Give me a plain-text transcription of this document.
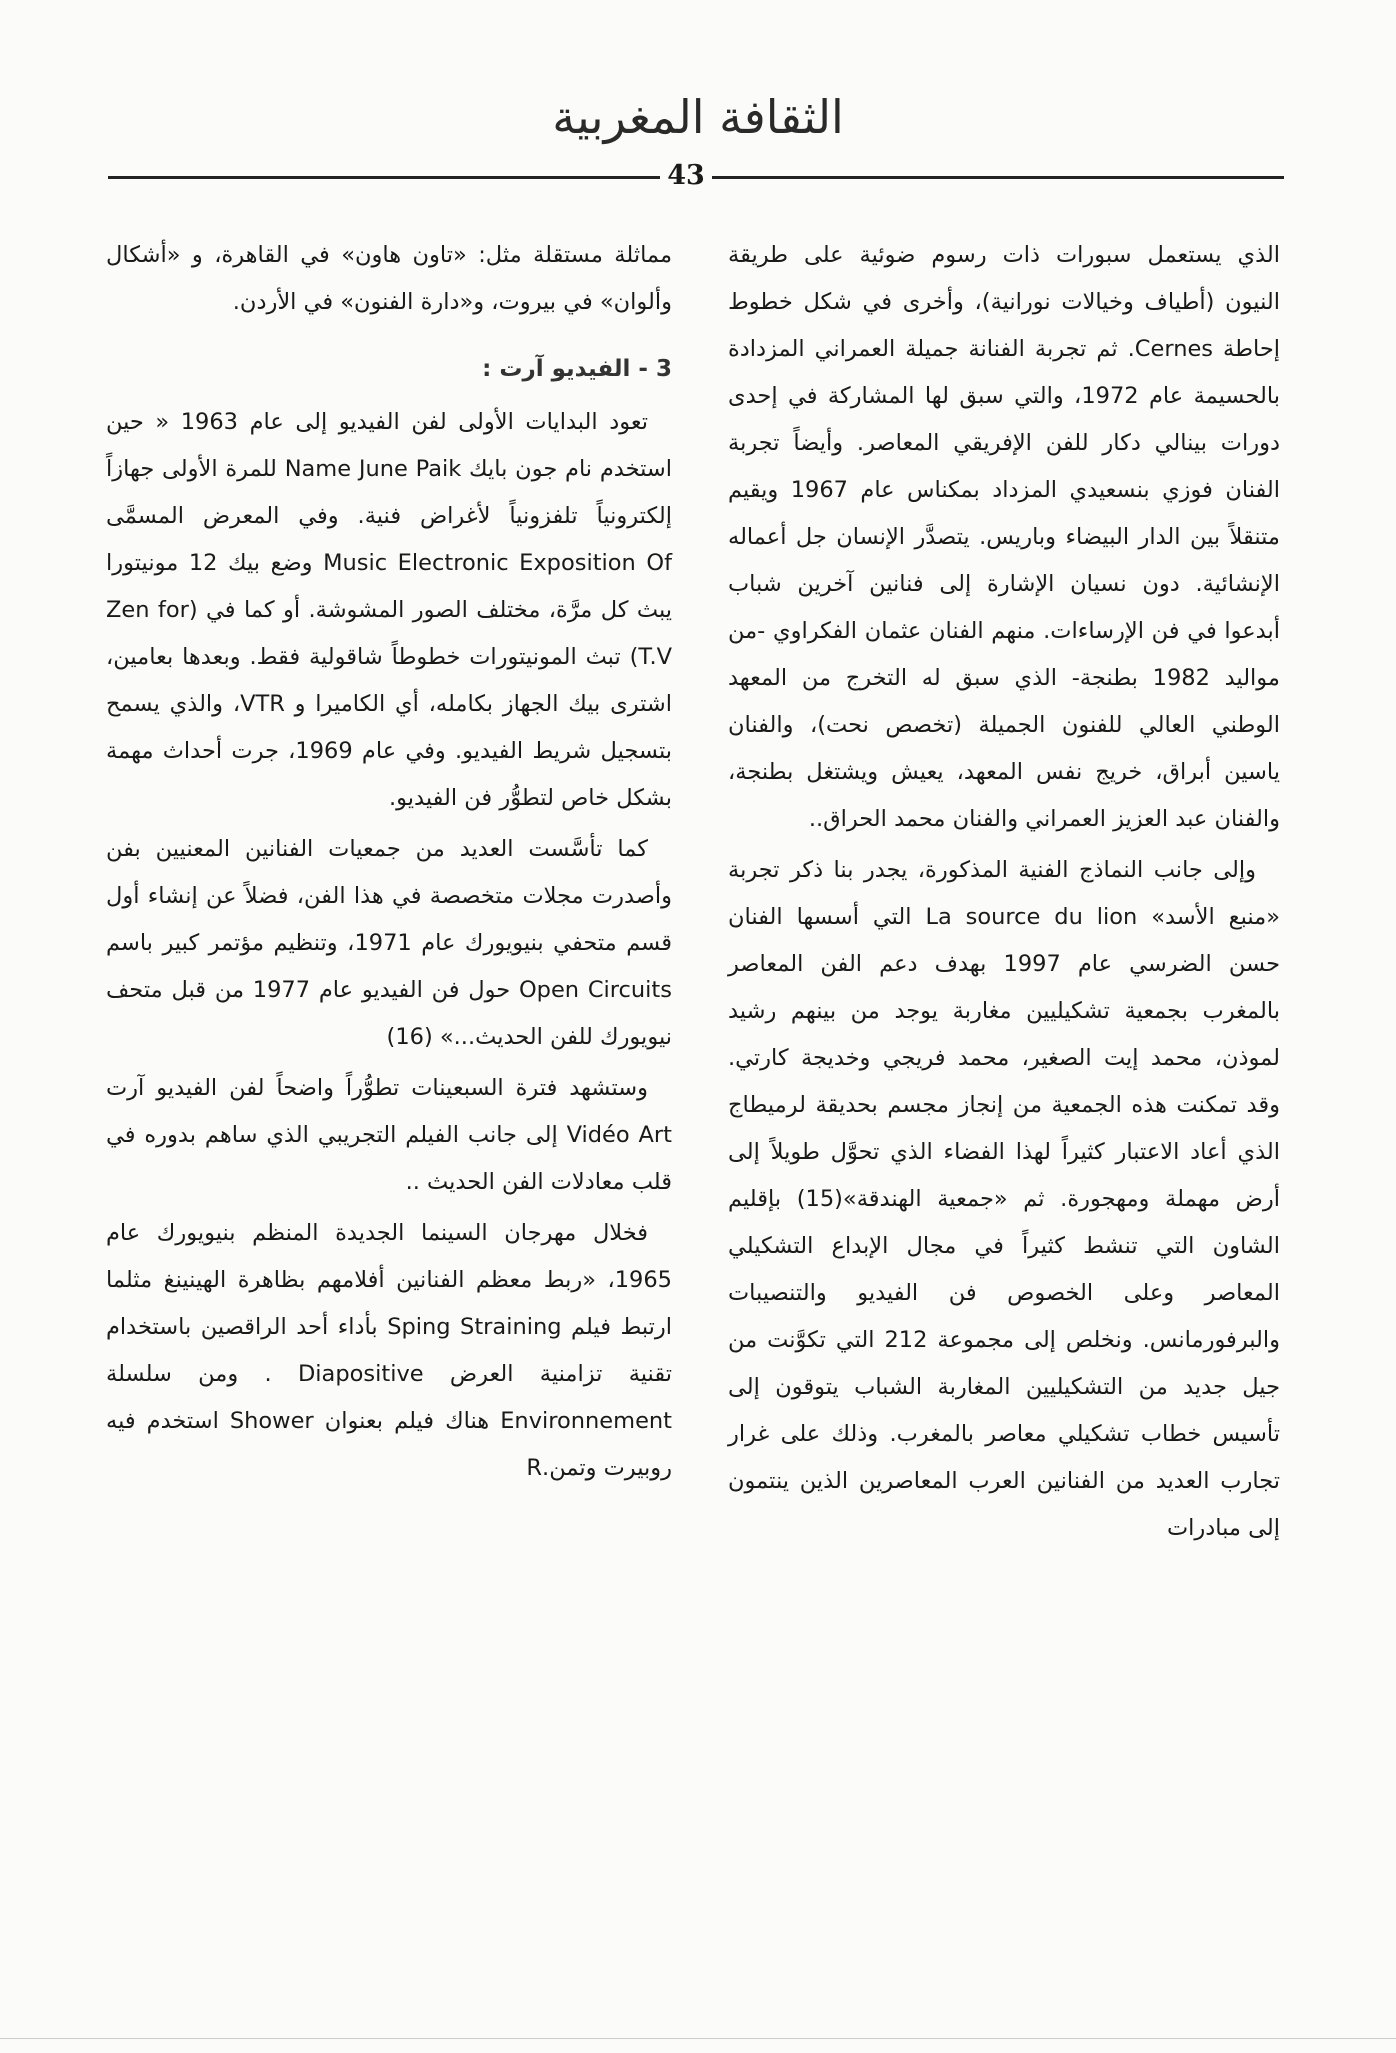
الثقافة المغربية
43

الذي يستعمل سبورات ذات رسوم ضوئية على طريقة النيون (أطياف وخيالات نورانية)، وأخرى في شكل خطوط إحاطة Cernes. ثم تجربة الفنانة جميلة العمراني المزدادة بالحسيمة عام 1972، والتي سبق لها المشاركة في إحدى دورات بينالي دكار للفن الإفريقي المعاصر. وأيضاً تجربة الفنان فوزي بنسعيدي المزداد بمكناس عام 1967 ويقيم متنقلاً بين الدار البيضاء وباريس. يتصدَّر الإنسان جل أعماله الإنشائية. دون نسيان الإشارة إلى فنانين آخرين شباب أبدعوا في فن الإرساءات. منهم الفنان عثمان الفكراوي -من مواليد 1982 بطنجة- الذي سبق له التخرج من المعهد الوطني العالي للفنون الجميلة (تخصص نحت)، والفنان ياسين أبراق، خريج نفس المعهد، يعيش ويشتغل بطنجة، والفنان عبد العزيز العمراني والفنان محمد الحراق..

وإلى جانب النماذج الفنية المذكورة، يجدر بنا ذكر تجربة «منبع الأسد» La source du lion التي أسسها الفنان حسن الضرسي عام 1997 بهدف دعم الفن المعاصر بالمغرب بجمعية تشكيليين مغاربة يوجد من بينهم رشيد لموذن، محمد إيت الصغير، محمد فريجي وخديجة كارتي. وقد تمكنت هذه الجمعية من إنجاز مجسم بحديقة لرميطاج الذي أعاد الاعتبار كثيراً لهذا الفضاء الذي تحوَّل طويلاً إلى أرض مهملة ومهجورة. ثم «جمعية الهندقة»(15) بإقليم الشاون التي تنشط كثيراً في مجال الإبداع التشكيلي المعاصر وعلى الخصوص فن الفيديو والتنصيبات والبرفورمانس. ونخلص إلى مجموعة 212 التي تكوَّنت من جيل جديد من التشكيليين المغاربة الشباب يتوقون إلى تأسيس خطاب تشكيلي معاصر بالمغرب. وذلك على غرار تجارب العديد من الفنانين العرب المعاصرين الذين ينتمون إلى مبادرات

مماثلة مستقلة مثل: «تاون هاون» في القاهرة، و «أشكال وألوان» في بيروت، و«دارة الفنون» في الأردن.

3 - الفيديو آرت :

تعود البدايات الأولى لفن الفيديو إلى عام 1963 « حين استخدم نام جون بايك Name June Paik للمرة الأولى جهازاً إلكترونياً تلفزونياً لأغراض فنية. وفي المعرض المسمَّى Music Electronic Exposition Of وضع بيك 12 مونيتورا يبث كل مرَّة، مختلف الصور المشوشة. أو كما في (Zen for T.V) تبث المونيتورات خطوطاً شاقولية فقط. وبعدها بعامين، اشترى بيك الجهاز بكامله، أي الكاميرا و VTR، والذي يسمح بتسجيل شريط الفيديو. وفي عام 1969، جرت أحداث مهمة بشكل خاص لتطوُّر فن الفيديو.

كما تأسَّست العديد من جمعيات الفنانين المعنيين بفن وأصدرت مجلات متخصصة في هذا الفن، فضلاً عن إنشاء أول قسم متحفي بنيويورك عام 1971، وتنظيم مؤتمر كبير باسم Open Circuits حول فن الفيديو عام 1977 من قبل متحف نيويورك للفن الحديث...» (16)

وستشهد فترة السبعينات تطوُّراً واضحاً لفن الفيديو آرت Vidéo Art إلى جانب الفيلم التجريبي الذي ساهم بدوره في قلب معادلات الفن الحديث ..

فخلال مهرجان السينما الجديدة المنظم بنيويورك عام 1965، «ربط معظم الفنانين أفلامهم بظاهرة الهينينغ مثلما ارتبط فيلم Sping Straining بأداء أحد الراقصين باستخدام تقنية تزامنية العرض Diapositive . ومن سلسلة Environnement هناك فيلم بعنوان Shower استخدم فيه روبيرت وتمن.R
